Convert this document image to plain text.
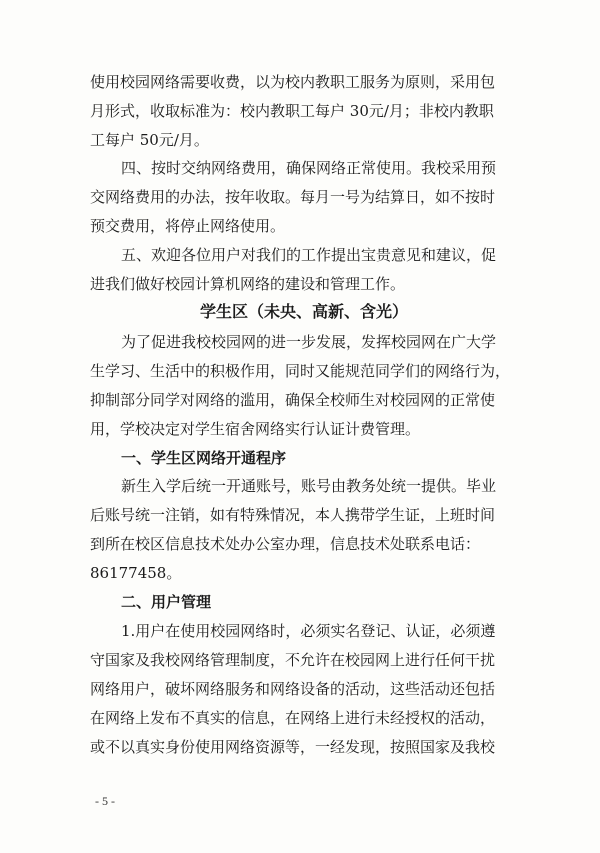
使用校园网络需要收费，以为校内教职工服务为原则，采用包
月形式，收取标准为：校内教职工每户 30元/月；非校内教职
工每户 50元/月。
四、按时交纳网络费用，确保网络正常使用。我校采用预
交网络费用的办法，按年收取。每月一号为结算日，如不按时
预交费用，将停止网络使用。
五、欢迎各位用户对我们的工作提出宝贵意见和建议，促
进我们做好校园计算机网络的建设和管理工作。
学生区（未央、高新、含光）
为了促进我校校园网的进一步发展，发挥校园网在广大学
生学习、生活中的积极作用，同时又能规范同学们的网络行为，
抑制部分同学对网络的滥用，确保全校师生对校园网的正常使
用，学校决定对学生宿舍网络实行认证计费管理。
一、学生区网络开通程序
新生入学后统一开通账号，账号由教务处统一提供。毕业
后账号统一注销，如有特殊情况，本人携带学生证，上班时间
到所在校区信息技术处办公室办理，信息技术处联系电话：
86177458。
二、用户管理
1.用户在使用校园网络时，必须实名登记、认证，必须遵
守国家及我校网络管理制度，不允许在校园网上进行任何干扰
网络用户，破坏网络服务和网络设备的活动，这些活动还包括
在网络上发布不真实的信息，在网络上进行未经授权的活动，
或不以真实身份使用网络资源等，一经发现，按照国家及我校
- 5 -
